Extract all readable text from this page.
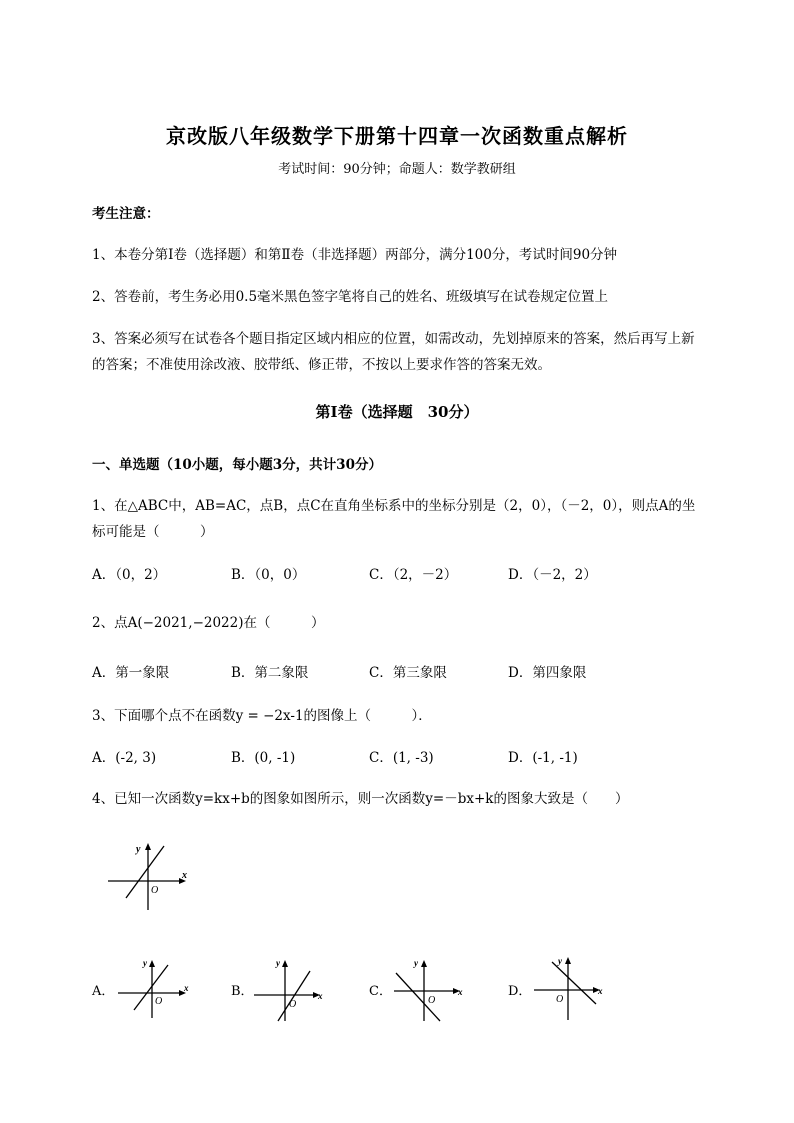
京改版八年级数学下册第十四章一次函数重点解析
考试时间：90分钟；命题人：数学教研组
考生注意：
1、本卷分第I卷（选择题）和第Ⅱ卷（非选择题）两部分，满分100分，考试时间90分钟
2、答卷前，考生务必用0.5毫米黑色签字笔将自己的姓名、班级填写在试卷规定位置上
3、答案必须写在试卷各个题目指定区域内相应的位置，如需改动，先划掉原来的答案，然后再写上新
的答案；不准使用涂改液、胶带纸、修正带，不按以上要求作答的答案无效。
第I卷（选择题　30分）
一、单选题（10小题，每小题3分，共计30分）
1、在△ABC中，AB=AC，点B，点C在直角坐标系中的坐标分别是（2，0），（－2，0），则点A的坐
标可能是（　　　）
A．（0，2）	B．（0，0）	C．（2，－2）	D．（－2，2）
2、点A(−2021,−2022)在（　　　）
A．第一象限	B．第二象限	C．第三象限	D．第四象限
3、下面哪个点不在函数y = −2x-1的图像上（　　　）．
A．(-2, 3)	B．(0, -1)	C．(1, -3)	D．(-1, -1)
4、已知一次函数y=kx+b的图象如图所示，则一次函数y=－bx+k的图象大致是（　　）
y
x
O
A．
y
x
O
B．
y
x
O
C．
y
x
O
D．
y
x
O
